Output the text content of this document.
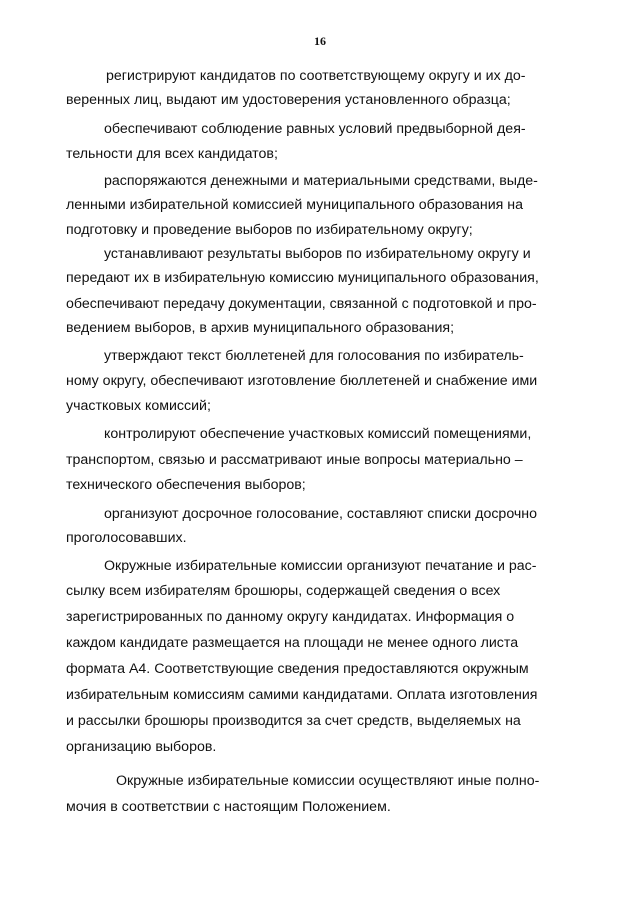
16
регистрируют кандидатов по соответствующему округу и их до-
веренных лиц, выдают им удостоверения установленного образца;
обеспечивают соблюдение равных условий предвыборной дея-
тельности для всех кандидатов;
распоряжаются денежными и материальными средствами, выде-
ленными избирательной комиссией муниципального образования на
подготовку и проведение выборов по избирательному округу;
устанавливают результаты выборов по избирательному округу и
передают их в избирательную комиссию муниципального образования,
обеспечивают передачу документации, связанной с подготовкой и про-
ведением выборов, в архив муниципального образования;
утверждают текст бюллетеней для голосования по избиратель-
ному округу, обеспечивают изготовление бюллетеней и снабжение ими
участковых комиссий;
контролируют обеспечение участковых комиссий помещениями,
транспортом, связью и рассматривают иные вопросы материально –
технического обеспечения выборов;
организуют досрочное голосование, составляют списки досрочно
проголосовавших.
Окружные избирательные комиссии организуют печатание и рас-
сылку всем избирателям брошюры, содержащей сведения о всех
зарегистрированных по данному округу кандидатах. Информация о
каждом кандидате размещается на площади не менее одного листа
формата А4. Соответствующие сведения предоставляются окружным
избирательным комиссиям самими кандидатами. Оплата изготовления
и рассылки брошюры производится за счет средств, выделяемых на
организацию выборов.
Окружные избирательные комиссии осуществляют иные полно-
мочия в соответствии с настоящим Положением.
